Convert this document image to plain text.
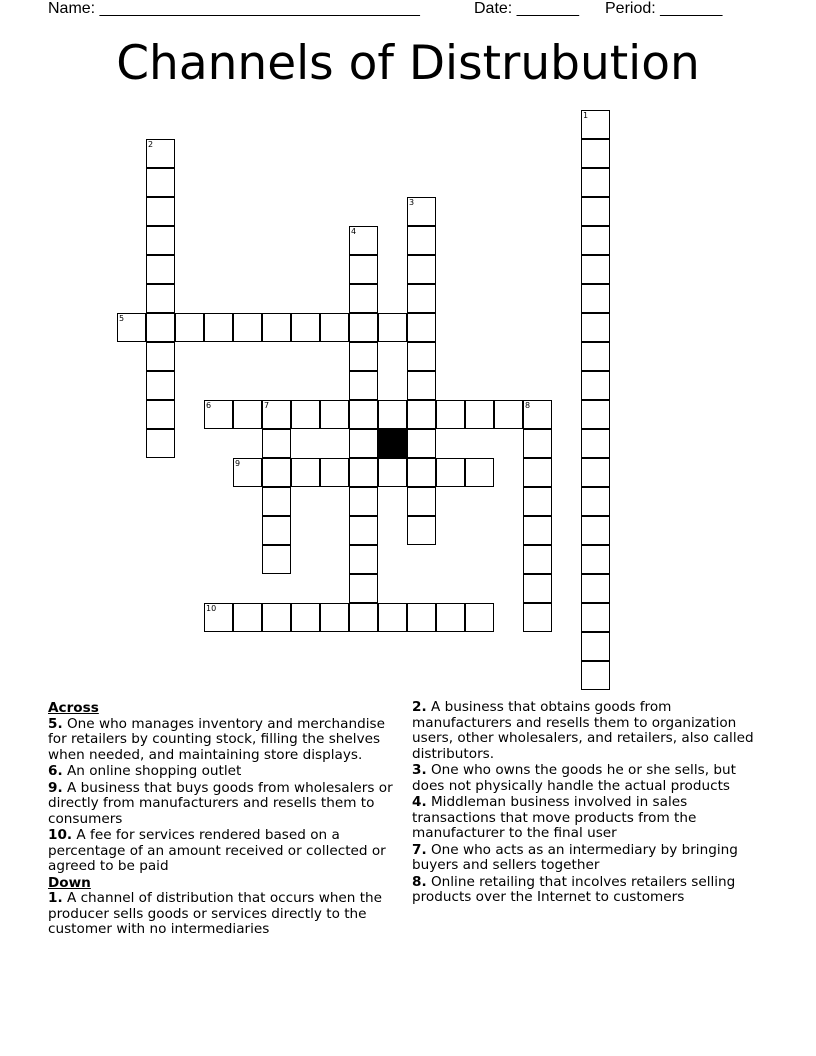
Name: ____________________________________	Date: _______ Period: _______
Channels of Distrubution
1
2
3
4
5
6	7	8
9
10
Across
5. One who manages inventory and merchandise for retailers by counting stock, filling the shelves when needed, and maintaining store displays.
6. An online shopping outlet
9. A business that buys goods from wholesalers or directly from manufacturers and resells them to consumers
10. A fee for services rendered based on a percentage of an amount received or collected or agreed to be paid
Down
1. A channel of distribution that occurs when the producer sells goods or services directly to the customer with no intermediaries
2. A business that obtains goods from manufacturers and resells them to organization users, other wholesalers, and retailers, also called distributors.
3. One who owns the goods he or she sells, but does not physically handle the actual products
4. Middleman business involved in sales transactions that move products from the manufacturer to the final user
7. One who acts as an intermediary by bringing buyers and sellers together
8. Online retailing that incolves retailers selling products over the Internet to customers
